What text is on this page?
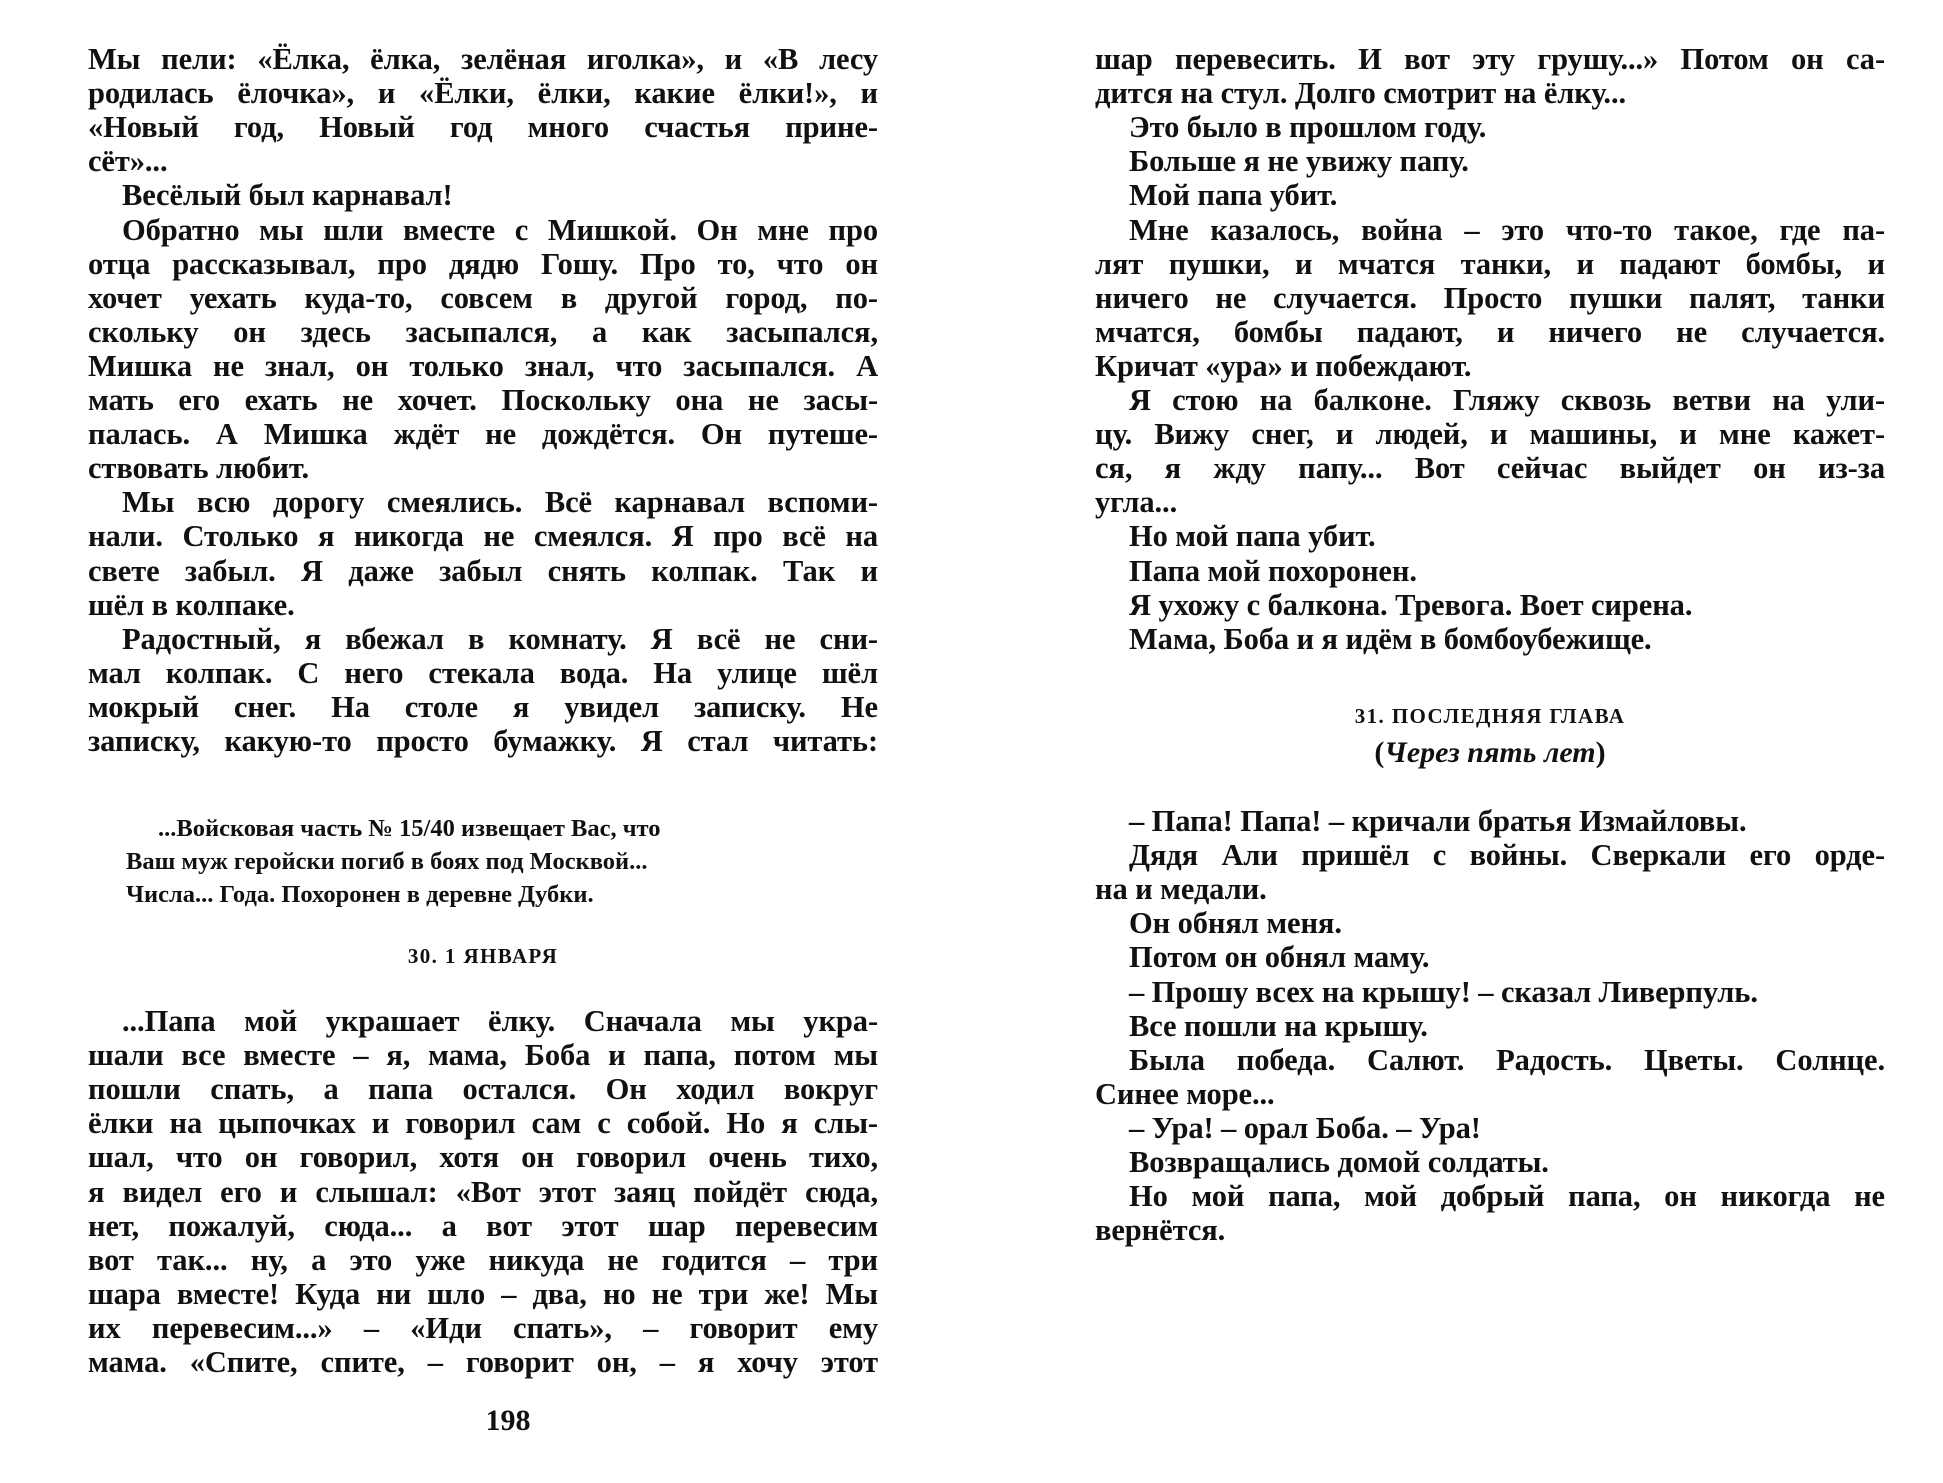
Мы пели: «Ёлка, ёлка, зелёная иголка», и «В лесу
родилась ёлочка», и «Ёлки, ёлки, какие ёлки!», и
«Новый год, Новый год много счастья прине-
сёт»...
Весёлый был карнавал!
Обратно мы шли вместе с Мишкой. Он мне про
отца рассказывал, про дядю Гошу. Про то, что он
хочет уехать куда-то, совсем в другой город, по-
скольку он здесь засыпался, а как засыпался,
Мишка не знал, он только знал, что засыпался. А
мать его ехать не хочет. Поскольку она не засы-
палась. А Мишка ждёт не дождётся. Он путеше-
ствовать любит.
Мы всю дорогу смеялись. Всё карнавал вспоми-
нали. Столько я никогда не смеялся. Я про всё на
свете забыл. Я даже забыл снять колпак. Так и
шёл в колпаке.
Радостный, я вбежал в комнату. Я всё не сни-
мал колпак. С него стекала вода. На улице шёл
мокрый снег. На столе я увидел записку. Не
записку, какую-то просто бумажку. Я стал читать:
...Войсковая часть № 15/40 извещает Вас, что
Ваш муж геройски погиб в боях под Москвой...
Числа... Года. Похоронен в деревне Дубки.
30. 1 ЯНВАРЯ
...Папа мой украшает ёлку. Сначала мы укра-
шали все вместе – я, мама, Боба и папа, потом мы
пошли спать, а папа остался. Он ходил вокруг
ёлки на цыпочках и говорил сам с собой. Но я слы-
шал, что он говорил, хотя он говорил очень тихо,
я видел его и слышал: «Вот этот заяц пойдёт сюда,
нет, пожалуй, сюда... а вот этот шар перевесим
вот так... ну, а это уже никуда не годится – три
шара вместе! Куда ни шло – два, но не три же! Мы
их перевесим...» – «Иди спать», – говорит ему
мама. «Спите, спите, – говорит он, – я хочу этот
198
шар перевесить. И вот эту грушу...» Потом он са-
дится на стул. Долго смотрит на ёлку...
Это было в прошлом году.
Больше я не увижу папу.
Мой папа убит.
Мне казалось, война – это что-то такое, где па-
лят пушки, и мчатся танки, и падают бомбы, и
ничего не случается. Просто пушки палят, танки
мчатся, бомбы падают, и ничего не случается.
Кричат «ура» и побеждают.
Я стою на балконе. Гляжу сквозь ветви на ули-
цу. Вижу снег, и людей, и машины, и мне кажет-
ся, я жду папу... Вот сейчас выйдет он из-за
угла...
Но мой папа убит.
Папа мой похоронен.
Я ухожу с балкона. Тревога. Воет сирена.
Мама, Боба и я идём в бомбоубежище.
31. ПОСЛЕДНЯЯ ГЛАВА
(Через пять лет)
– Папа! Папа! – кричали братья Измайловы.
Дядя Али пришёл с войны. Сверкали его орде-
на и медали.
Он обнял меня.
Потом он обнял маму.
– Прошу всех на крышу! – сказал Ливерпуль.
Все пошли на крышу.
Была победа. Салют. Радость. Цветы. Солнце.
Синее море...
– Ура! – орал Боба. – Ура!
Возвращались домой солдаты.
Но мой папа, мой добрый папа, он никогда не
вернётся.
